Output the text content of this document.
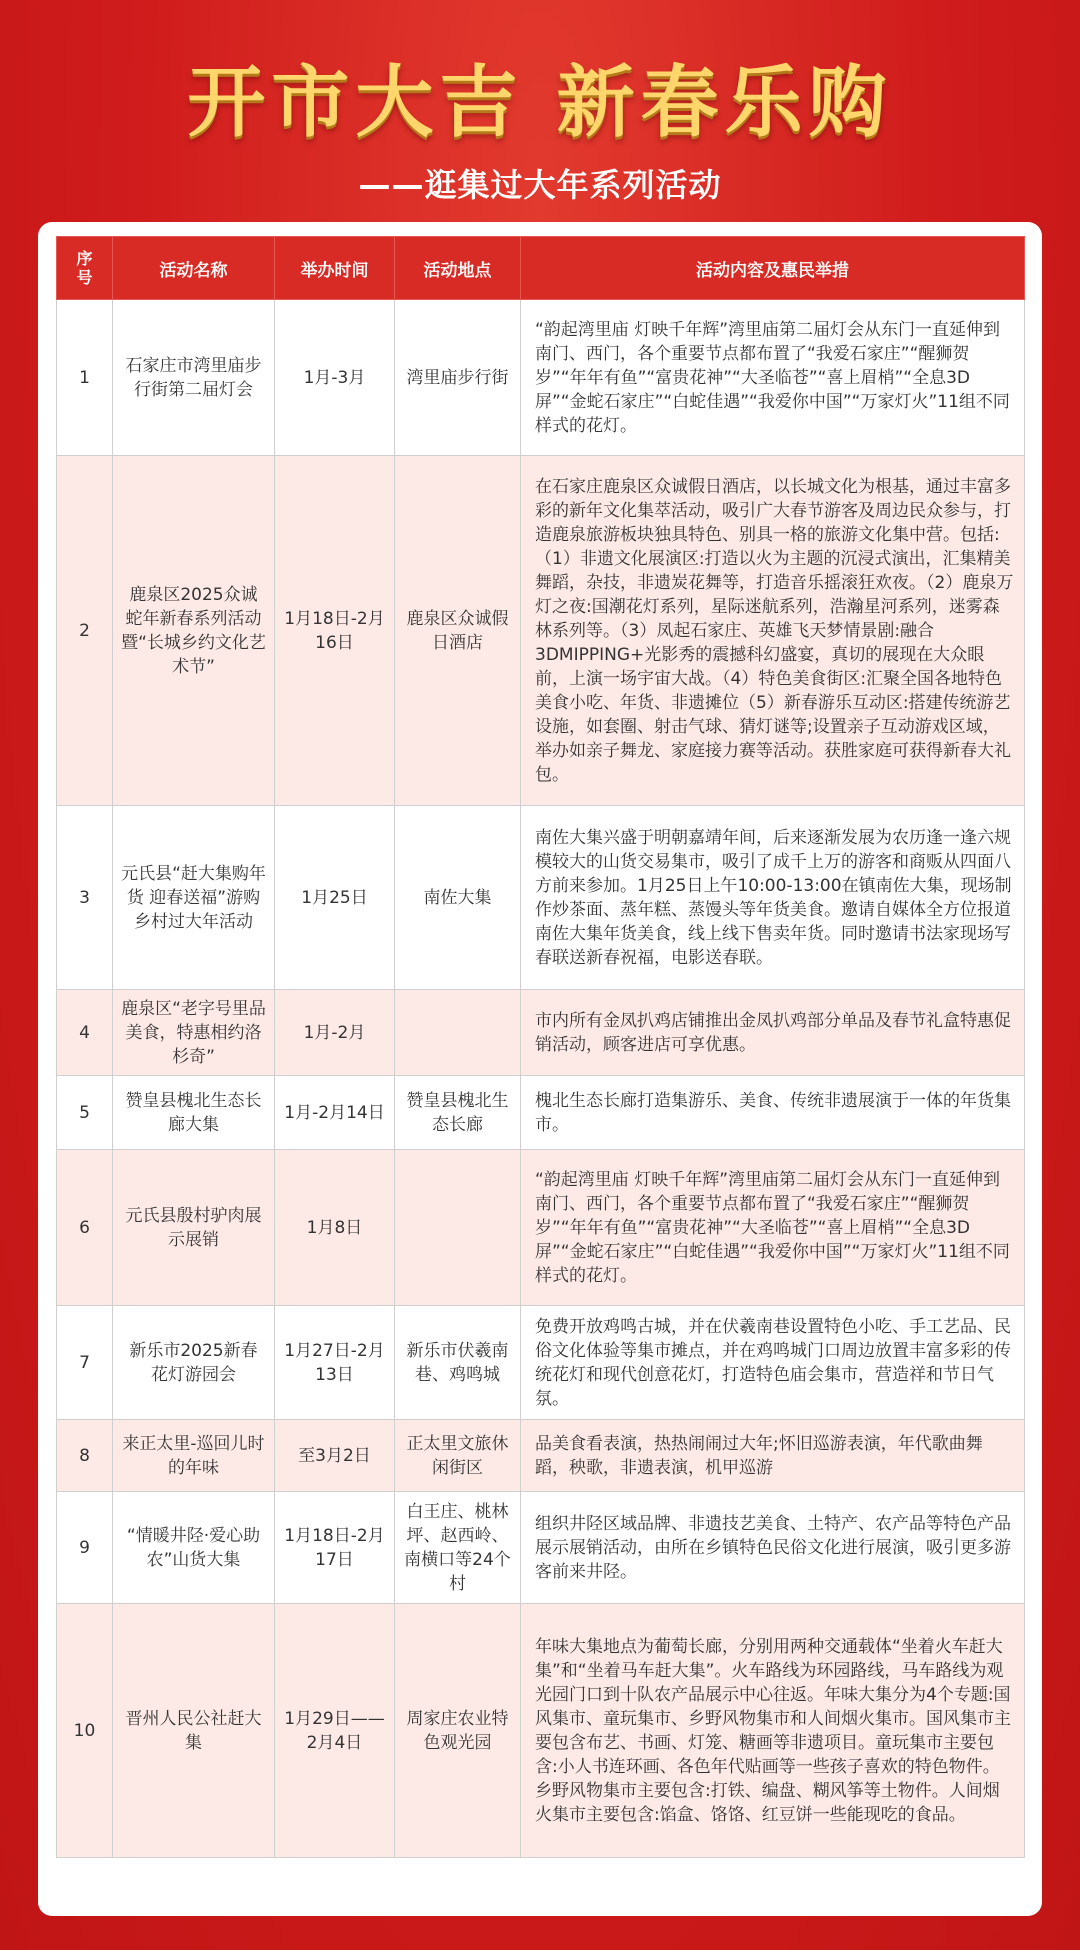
开市大吉 新春乐购
——逛集过大年系列活动
序号	活动名称	举办时间	活动地点	活动内容及惠民举措
1	石家庄市湾里庙步行街第二届灯会	1月-3月	湾里庙步行街	“韵起湾里庙 灯映千年辉”湾里庙第二届灯会从东门一直延伸到南门、西门，各个重要节点都布置了“我爱石家庄”“醒狮贺岁”“年年有鱼”“富贵花神”“大圣临苍”“喜上眉梢”“全息3D屏”“金蛇石家庄”“白蛇佳遇”“我爱你中国”“万家灯火”11组不同样式的花灯。
2	鹿泉区2025众诚蛇年新春系列活动暨“长城乡约文化艺术节”	1月18日-2月16日	鹿泉区众诚假日酒店	在石家庄鹿泉区众诚假日酒店，以长城文化为根基，通过丰富多彩的新年文化集萃活动，吸引广大春节游客及周边民众参与，打造鹿泉旅游板块独具特色、别具一格的旅游文化集中营。包括:（1）非遗文化展演区:打造以火为主题的沉浸式演出，汇集精美舞蹈，杂技，非遗炭花舞等，打造音乐摇滚狂欢夜。（2）鹿泉万灯之夜:国潮花灯系列，星际迷航系列，浩瀚星河系列，迷雾森林系列等。（3）凤起石家庄、英雄飞天梦情景剧:融合3DMIPPING+光影秀的震撼科幻盛宴，真切的展现在大众眼前，上演一场宇宙大战。（4）特色美食街区:汇聚全国各地特色美食小吃、年货、非遗摊位（5）新春游乐互动区:搭建传统游艺设施，如套圈、射击气球、猜灯谜等;设置亲子互动游戏区域，举办如亲子舞龙、家庭接力赛等活动。获胜家庭可获得新春大礼包。
3	元氏县“赶大集购年货 迎春送福”游购乡村过大年活动	1月25日	南佐大集	南佐大集兴盛于明朝嘉靖年间，后来逐渐发展为农历逢一逢六规模较大的山货交易集市，吸引了成千上万的游客和商贩从四面八方前来参加。1月25日上午10:00-13:00在镇南佐大集，现场制作炒茶面、蒸年糕、蒸馒头等年货美食。邀请自媒体全方位报道南佐大集年货美食，线上线下售卖年货。同时邀请书法家现场写春联送新春祝福，电影送春联。
4	鹿泉区“老字号里品美食，特惠相约洛杉奇”	1月-2月		市内所有金凤扒鸡店铺推出金凤扒鸡部分单品及春节礼盒特惠促销活动，顾客进店可享优惠。
5	赞皇县槐北生态长廊大集	1月-2月14日	赞皇县槐北生态长廊	槐北生态长廊打造集游乐、美食、传统非遗展演于一体的年货集市。
6	元氏县殷村驴肉展示展销	1月8日		“韵起湾里庙 灯映千年辉”湾里庙第二届灯会从东门一直延伸到南门、西门，各个重要节点都布置了“我爱石家庄”“醒狮贺岁”“年年有鱼”“富贵花神”“大圣临苍”“喜上眉梢”“全息3D屏”“金蛇石家庄”“白蛇佳遇”“我爱你中国”“万家灯火”11组不同样式的花灯。
7	新乐市2025新春花灯游园会	1月27日-2月13日	新乐市伏羲南巷、鸡鸣城	免费开放鸡鸣古城，并在伏羲南巷设置特色小吃、手工艺品、民俗文化体验等集市摊点，并在鸡鸣城门口周边放置丰富多彩的传统花灯和现代创意花灯，打造特色庙会集市，营造祥和节日气氛。
8	来正太里-巡回儿时的年味	至3月2日	正太里文旅休闲街区	品美食看表演，热热闹闹过大年;怀旧巡游表演，年代歌曲舞蹈，秧歌，非遗表演，机甲巡游
9	“情暖井陉·爱心助农”山货大集	1月18日-2月17日	白王庄、桃林坪、赵西岭、南横口等24个村	组织井陉区域品牌、非遗技艺美食、土特产、农产品等特色产品展示展销活动，由所在乡镇特色民俗文化进行展演，吸引更多游客前来井陉。
10	晋州人民公社赶大集	1月29日——2月4日	周家庄农业特色观光园	年味大集地点为葡萄长廊，分别用两种交通载体“坐着火车赶大集”和“坐着马车赶大集”。火车路线为环园路线，马车路线为观光园门口到十队农产品展示中心往返。年味大集分为4个专题:国风集市、童玩集市、乡野风物集市和人间烟火集市。国风集市主要包含布艺、书画、灯笼、糖画等非遗项目。童玩集市主要包含:小人书连环画、各色年代贴画等一些孩子喜欢的特色物件。乡野风物集市主要包含:打铁、编盘、糊风筝等土物件。人间烟火集市主要包含:馅盒、饹饹、红豆饼一些能现吃的食品。
